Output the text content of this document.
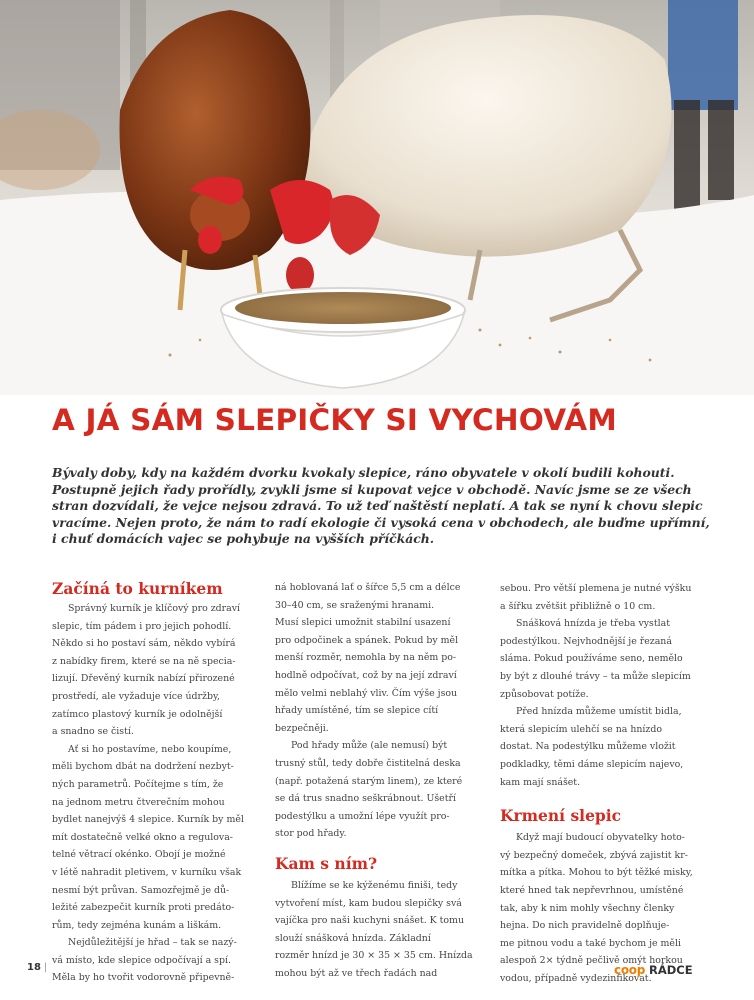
A JÁ SÁM SLEPIČKY SI VYCHOVÁM
Bývaly doby, kdy na každém dvorku kvokaly slepice, ráno obyvatele v okolí budili kohouti.
Postupně jejich řady prořídly, zvykli jsme si kupovat vejce v obchodě. Navíc jsme se ze všech
stran dozvídali, že vejce nejsou zdravá. To už teď naštěstí neplatí. A tak se nyní k chovu slepic
vracíme. Nejen proto, že nám to radí ekologie či vysoká cena v obchodech, ale buďme upřímní,
i chuť domácích vajec se pohybuje na vyšších příčkách.
Začíná to kurníkem
Správný kurník je klíčový pro zdraví
slepic, tím pádem i pro jejich pohodlí.
Někdo si ho postaví sám, někdo vybírá
z nabídky firem, které se na ně specia-
lizují. Dřevěný kurník nabízí přirozené
prostředí, ale vyžaduje více údržby,
zatímco plastový kurník je odolnější
a snadno se čistí.
Ať si ho postavíme, nebo koupíme,
měli bychom dbát na dodržení nezbyt-
ných parametrů. Počítejme s tím, že
na jednom metru čtverečním mohou
bydlet nanejvýš 4 slepice. Kurník by měl
mít dostatečně velké okno a regulova-
telné větrací okénko. Obojí je možné
v létě nahradit pletivem, v kurníku však
nesmí být průvan. Samozřejmě je dů-
ležité zabezpečit kurník proti predáto-
rům, tedy zejména kunám a liškám.
Nejdůležitější je hřad – tak se nazý-
vá místo, kde slepice odpočívají a spí.
Měla by ho tvořit vodorovně připevně-
ná hoblovaná lať o šířce 5,5 cm a délce
30–40 cm, se sraženými hranami.
Musí slepici umožnit stabilní usazení
pro odpočinek a spánek. Pokud by měl
menší rozměr, nemohla by na něm po-
hodlně odpočívat, což by na její zdraví
mělo velmi neblahý vliv. Čím výše jsou
hřady umístěné, tím se slepice cítí
bezpečněji.
Pod hřady může (ale nemusí) být
trusný stůl, tedy dobře čistitelná deska
(např. potažená starým linem), ze které
se dá trus snadno seškrábnout. Ušetří
podestýlku a umožní lépe využít pro-
stor pod hřady.
Kam s ním?
Blížíme se ke kýženému finiši, tedy
vytvoření míst, kam budou slepičky svá
vajíčka pro naši kuchyni snášet. K tomu
slouží snášková hnízda. Základní
rozměr hnízd je 30 × 35 × 35 cm. Hnízda
mohou být až ve třech řadách nad
sebou. Pro větší plemena je nutné výšku
a šířku zvětšit přibližně o 10 cm.
Snášková hnízda je třeba vystlat
podestýlkou. Nejvhodnější je řezaná
sláma. Pokud používáme seno, nemělo
by být z dlouhé trávy – ta může slepicím
způsobovat potíže.
Před hnízda můžeme umístit bidla,
která slepicím ulehčí se na hnízdo
dostat. Na podestýlku můžeme vložit
podkladky, těmi dáme slepicím najevo,
kam mají snášet.
Krmení slepic
Když mají budoucí obyvatelky hoto-
vý bezpečný domeček, zbývá zajistit kr-
mítka a pítka. Mohou to být těžké misky,
které hned tak nepřevrhnou, umístěné
tak, aby k nim mohly všechny členky
hejna. Do nich pravidelně doplňuje-
me pitnou vodu a také bychom je měli
alespoň 2× týdně pečlivě omýt horkou
vodou, případně vydezinfikovat.
18 |	coop RÁDCE
